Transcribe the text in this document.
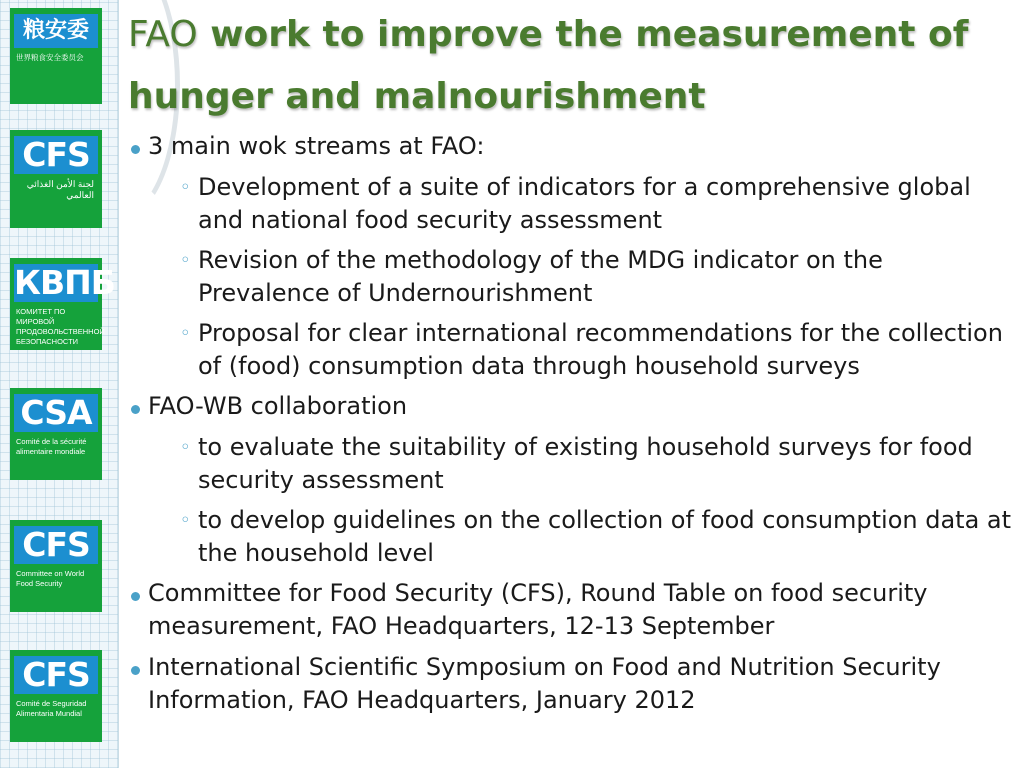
粮安委
世界粮食安全委员会
CFS
لجنة الأمن الغذائي العالمي
КВПБ
КОМИТЕТ ПО МИРОВОЙ ПРОДОВОЛЬСТВЕННОЙ БЕЗОПАСНОСТИ
CSA
Comité de la sécurité alimentaire mondiale
CFS
Committee on World Food Security
CFS
Comité de Seguridad Alimentaria Mundial
FAO work to improve the measurement of hunger and malnourishment
3 main wok streams at FAO:
◦ Development of a suite of indicators for a comprehensive global and national food security assessment
◦ Revision of the methodology of the MDG indicator on the Prevalence of Undernourishment
◦ Proposal for clear international recommendations for the collection of (food) consumption data through household surveys
FAO-WB collaboration
◦ to evaluate the suitability of existing household surveys for food security assessment
◦ to develop guidelines on the collection of food consumption data at the household level
Committee for Food Security (CFS), Round Table on food security measurement, FAO Headquarters, 12-13 September
International Scientific Symposium on Food and Nutrition Security Information, FAO Headquarters, January 2012
